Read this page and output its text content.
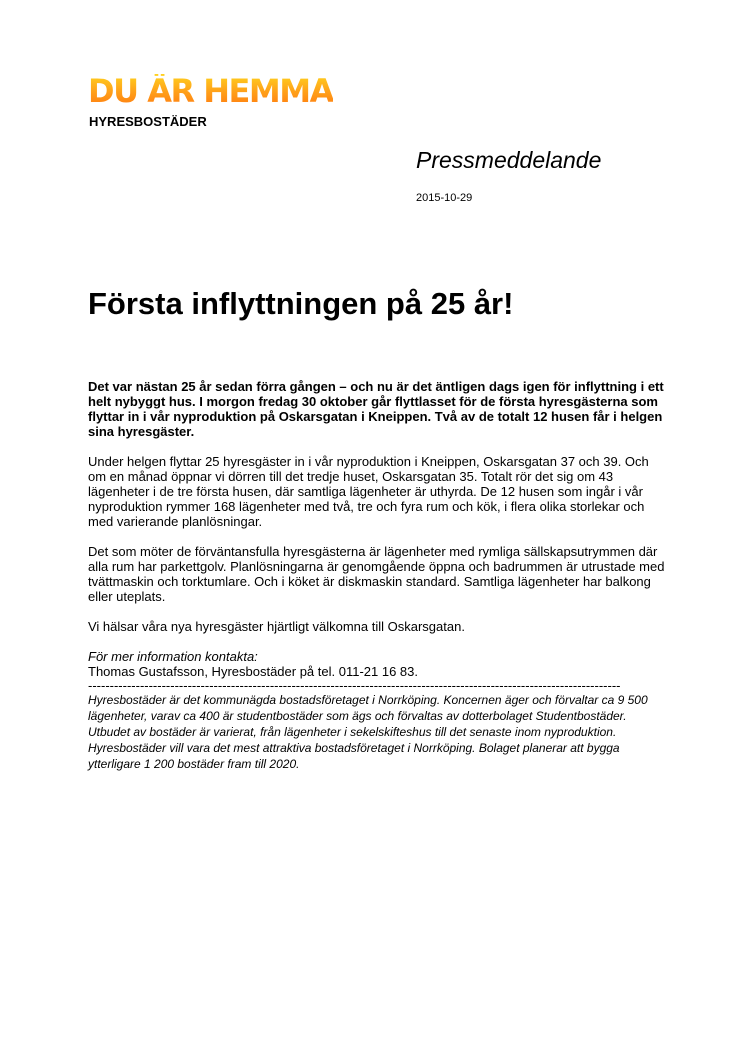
DU ÄR HEMMA
HYRESBOSTÄDER
Pressmeddelande
2015-10-29
Första inflyttningen på 25 år!

Det var nästan 25 år sedan förra gången – och nu är det äntligen dags igen för inflyttning i ett helt nybyggt hus. I morgon fredag 30 oktober går flyttlasset för de första hyresgästerna som flyttar in i vår nyproduktion på Oskarsgatan i Kneippen. Två av de totalt 12 husen får i helgen sina hyresgäster.

Under helgen flyttar 25 hyresgäster in i vår nyproduktion i Kneippen, Oskarsgatan 37 och 39. Och om en månad öppnar vi dörren till det tredje huset, Oskarsgatan 35. Totalt rör det sig om 43 lägenheter i de tre första husen, där samtliga lägenheter är uthyrda. De 12 husen som ingår i vår nyproduktion rymmer 168 lägenheter med två, tre och fyra rum och kök, i flera olika storlekar och med varierande planlösningar.

Det som möter de förväntansfulla hyresgästerna är lägenheter med rymliga sällskapsutrymmen där alla rum har parkettgolv. Planlösningarna är genomgående öppna och badrummen är utrustade med tvättmaskin och torktumlare. Och i köket är diskmaskin standard. Samtliga lägenheter har balkong eller uteplats.

Vi hälsar våra nya hyresgäster hjärtligt välkomna till Oskarsgatan.

För mer information kontakta:
Thomas Gustafsson, Hyresbostäder på tel. 011-21 16 83.
---------------------------------------------------------------------------------------------------------------------------

Hyresbostäder är det kommunägda bostadsföretaget i Norrköping. Koncernen äger och förvaltar ca 9 500 lägenheter, varav ca 400 är studentbostäder som ägs och förvaltas av dotterbolaget Studentbostäder. Utbudet av bostäder är varierat, från lägenheter i sekelskifteshus till det senaste inom nyproduktion. Hyresbostäder vill vara det mest attraktiva bostadsföretaget i Norrköping. Bolaget planerar att bygga ytterligare 1 200 bostäder fram till 2020.
